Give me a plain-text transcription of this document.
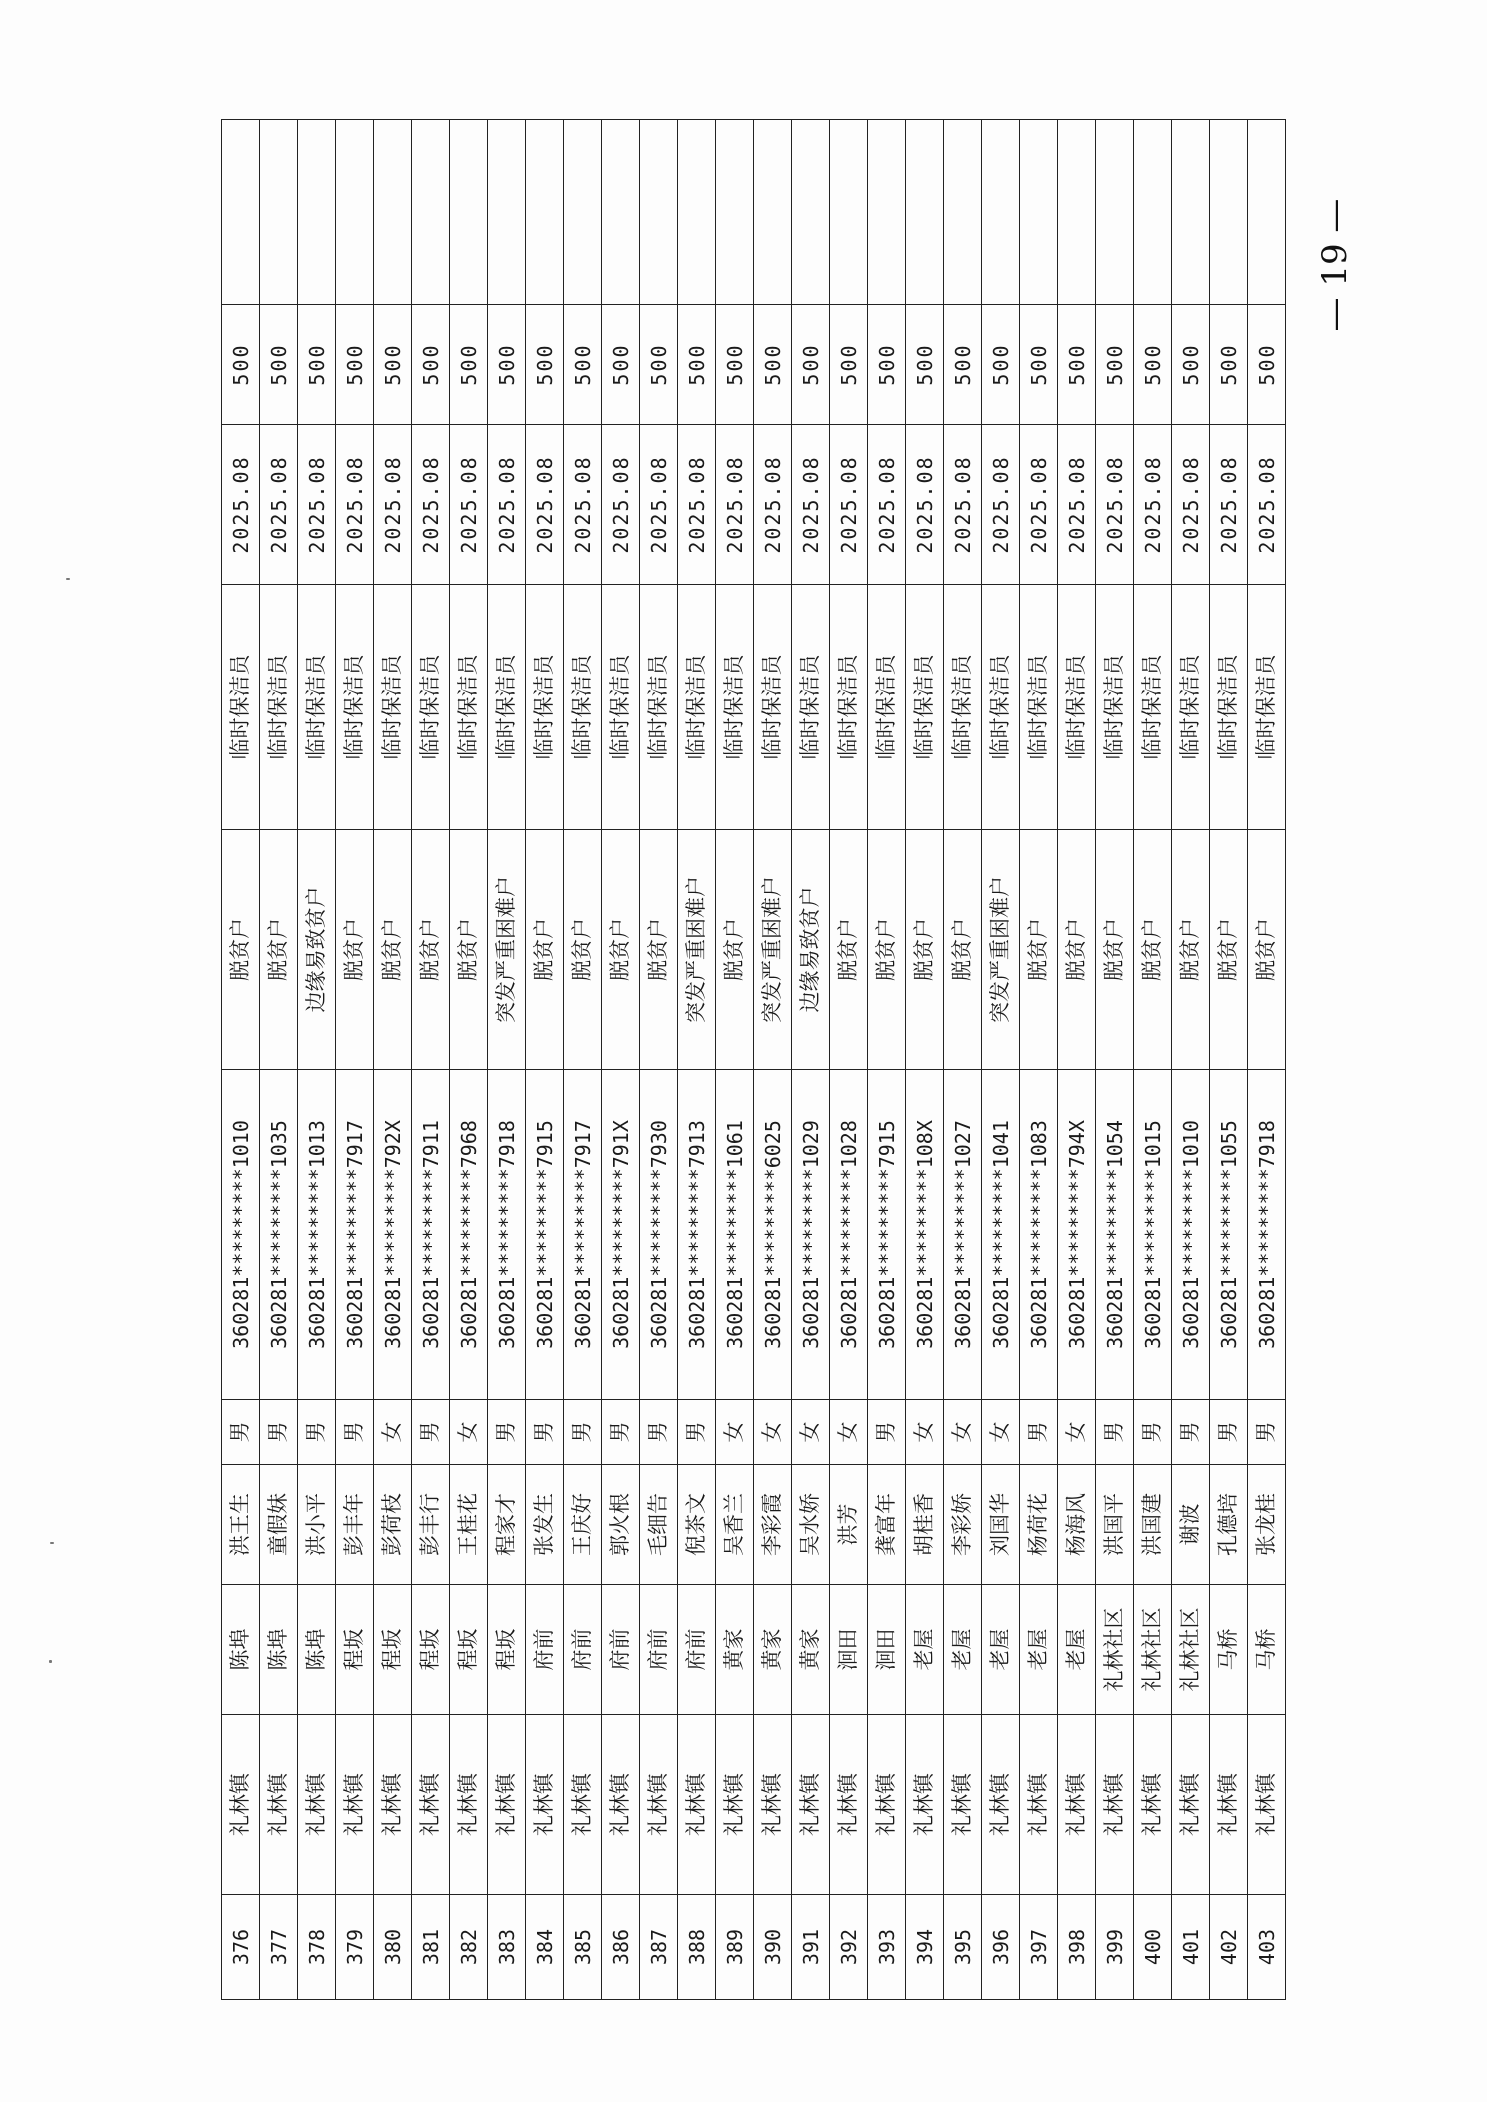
376	礼林镇	陈埠	洪王生	男	360281*********1010	脱贫户	临时保洁员	2025.08	500	
377	礼林镇	陈埠	童假妹	男	360281*********1035	脱贫户	临时保洁员	2025.08	500	
378	礼林镇	陈埠	洪小平	男	360281*********1013	边缘易致贫户	临时保洁员	2025.08	500	
379	礼林镇	程坂	彭丰年	男	360281*********7917	脱贫户	临时保洁员	2025.08	500	
380	礼林镇	程坂	彭荷枝	女	360281*********792X	脱贫户	临时保洁员	2025.08	500	
381	礼林镇	程坂	彭丰行	男	360281*********7911	脱贫户	临时保洁员	2025.08	500	
382	礼林镇	程坂	王桂花	女	360281*********7968	脱贫户	临时保洁员	2025.08	500	
383	礼林镇	程坂	程家才	男	360281*********7918	突发严重困难户	临时保洁员	2025.08	500	
384	礼林镇	府前	张发生	男	360281*********7915	脱贫户	临时保洁员	2025.08	500	
385	礼林镇	府前	王庆好	男	360281*********7917	脱贫户	临时保洁员	2025.08	500	
386	礼林镇	府前	郭火根	男	360281*********791X	脱贫户	临时保洁员	2025.08	500	
387	礼林镇	府前	毛细告	男	360281*********7930	脱贫户	临时保洁员	2025.08	500	
388	礼林镇	府前	倪茶文	男	360281*********7913	突发严重困难户	临时保洁员	2025.08	500	
389	礼林镇	黄家	吴香兰	女	360281*********1061	脱贫户	临时保洁员	2025.08	500	
390	礼林镇	黄家	李彩霞	女	360281*********6025	突发严重困难户	临时保洁员	2025.08	500	
391	礼林镇	黄家	吴水娇	女	360281*********1029	边缘易致贫户	临时保洁员	2025.08	500	
392	礼林镇	洄田	洪芳	女	360281*********1028	脱贫户	临时保洁员	2025.08	500	
393	礼林镇	洄田	龚富年	男	360281*********7915	脱贫户	临时保洁员	2025.08	500	
394	礼林镇	老屋	胡桂香	女	360281*********108X	脱贫户	临时保洁员	2025.08	500	
395	礼林镇	老屋	李彩娇	女	360281*********1027	脱贫户	临时保洁员	2025.08	500	
396	礼林镇	老屋	刘国华	女	360281*********1041	突发严重困难户	临时保洁员	2025.08	500	
397	礼林镇	老屋	杨荷花	男	360281*********1083	脱贫户	临时保洁员	2025.08	500	
398	礼林镇	老屋	杨海风	女	360281*********794X	脱贫户	临时保洁员	2025.08	500	
399	礼林镇	礼林社区	洪国平	男	360281*********1054	脱贫户	临时保洁员	2025.08	500	
400	礼林镇	礼林社区	洪国建	男	360281*********1015	脱贫户	临时保洁员	2025.08	500	
401	礼林镇	礼林社区	谢波	男	360281*********1010	脱贫户	临时保洁员	2025.08	500	
402	礼林镇	马桥	孔德培	男	360281*********1055	脱贫户	临时保洁员	2025.08	500	
403	礼林镇	马桥	张龙桂	男	360281*********7918	脱贫户	临时保洁员	2025.08	500	
— 19 —
